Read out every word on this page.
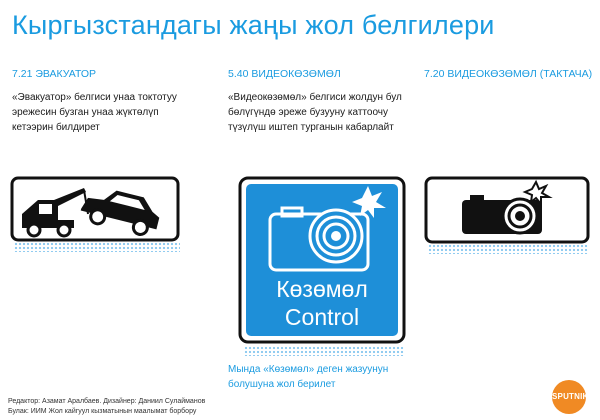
Кыргызстандагы жаңы жол белгилери
7.21 ЭВАКУАТОР
«Эвакуатор» белгиси унаа токтотуу эрежесин бузган унаа жүктөлүп кетээрин билдирет
5.40 ВИДЕОКӨЗӨМӨЛ
«Видеокөзөмөл» белгиси жолдун бул бөлүгүндө эреже бузууну каттоочу түзүлүш иштеп турганын кабарлайт
7.20 ВИДЕОКӨЗӨМӨЛ (ТАКТАЧА)
Көзөмөл
Control
Мында «Көзөмөл» деген жазуунун болушуна жол берилет
Редактор: Азамат Аралбаев. Дизайнер: Даниил Сулайманов
Булак: ИИМ Жол кайгуул кызматынын маалымат борбору
SPUTNIK
